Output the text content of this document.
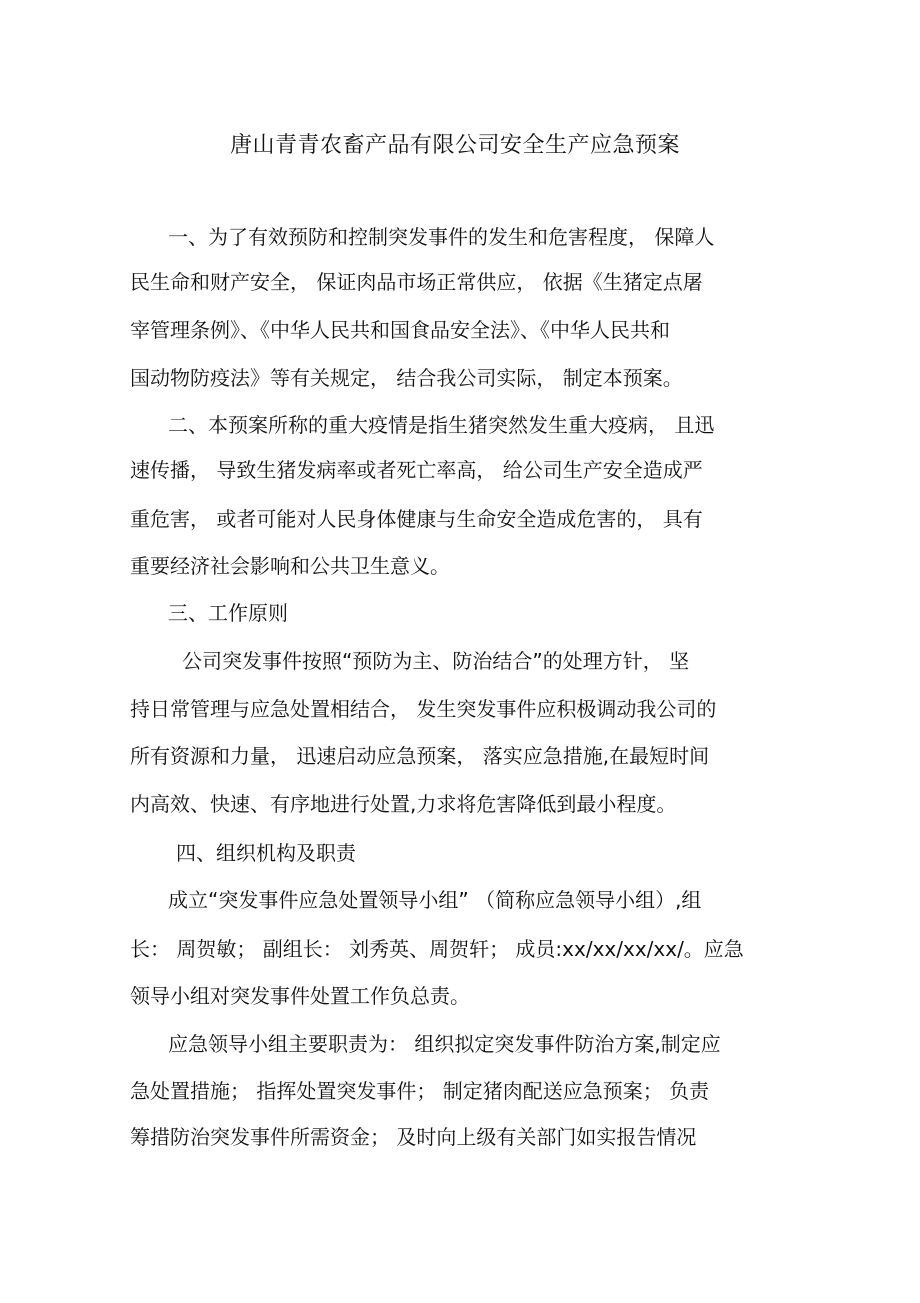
唐山青青农畜产品有限公司安全生产应急预案

一、为了有效预防和控制突发事件的发生和危害程度， 保障人

民生命和财产安全， 保证肉品市场正常供应， 依据《生猪定点屠

宰管理条例》、《中华人民共和国食品安全法》、《中华人民共和

国动物防疫法》等有关规定， 结合我公司实际， 制定本预案。

二、本预案所称的重大疫情是指生猪突然发生重大疫病， 且迅

速传播， 导致生猪发病率或者死亡率高， 给公司生产安全造成严

重危害， 或者可能对人民身体健康与生命安全造成危害的， 具有

重要经济社会影响和公共卫生意义。

三、工作原则

公司突发事件按照“预防为主、防治结合”的处理方针， 坚

持日常管理与应急处置相结合， 发生突发事件应积极调动我公司的

所有资源和力量， 迅速启动应急预案， 落实应急措施,在最短时间

内高效、快速、有序地进行处置,力求将危害降低到最小程度。

四、组织机构及职责

成立“突发事件应急处置领导小组” （简称应急领导小组）,组

长： 周贺敏； 副组长： 刘秀英、周贺轩； 成员:xx/xx/xx/xx/。应急

领导小组对突发事件处置工作负总责。

应急领导小组主要职责为： 组织拟定突发事件防治方案,制定应

急处置措施； 指挥处置突发事件； 制定猪肉配送应急预案； 负责

筹措防治突发事件所需资金； 及时向上级有关部门如实报告情况
